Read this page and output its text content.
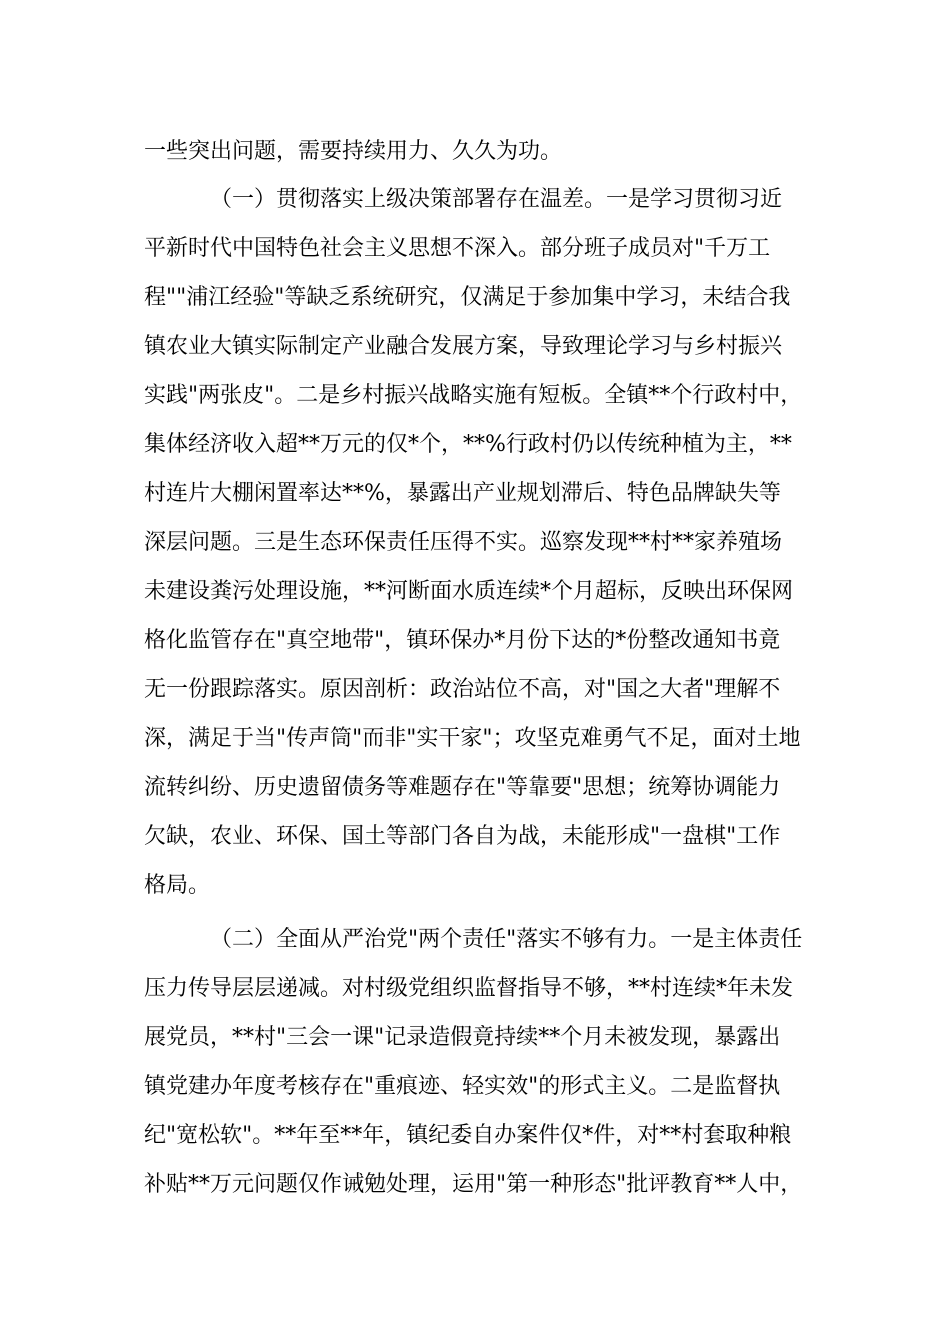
一些突出问题，需要持续用力、久久为功。
（一）贯彻落实上级决策部署存在温差。一是学习贯彻习近
平新时代中国特色社会主义思想不深入。部分班子成员对"千万工
程""浦江经验"等缺乏系统研究，仅满足于参加集中学习，未结合我
镇农业大镇实际制定产业融合发展方案，导致理论学习与乡村振兴
实践"两张皮"。二是乡村振兴战略实施有短板。全镇**个行政村中，
集体经济收入超**万元的仅*个，**%行政村仍以传统种植为主，**
村连片大棚闲置率达**%，暴露出产业规划滞后、特色品牌缺失等
深层问题。三是生态环保责任压得不实。巡察发现**村**家养殖场
未建设粪污处理设施，**河断面水质连续*个月超标，反映出环保网
格化监管存在"真空地带"，镇环保办*月份下达的*份整改通知书竟
无一份跟踪落实。原因剖析：政治站位不高，对"国之大者"理解不
深，满足于当"传声筒"而非"实干家"；攻坚克难勇气不足，面对土地
流转纠纷、历史遗留债务等难题存在"等靠要"思想；统筹协调能力
欠缺，农业、环保、国土等部门各自为战，未能形成"一盘棋"工作
格局。
（二）全面从严治党"两个责任"落实不够有力。一是主体责任
压力传导层层递减。对村级党组织监督指导不够，**村连续*年未发
展党员，**村"三会一课"记录造假竟持续**个月未被发现，暴露出
镇党建办年度考核存在"重痕迹、轻实效"的形式主义。二是监督执
纪"宽松软"。**年至**年，镇纪委自办案件仅*件，对**村套取种粮
补贴**万元问题仅作诫勉处理，运用"第一种形态"批评教育**人中，
